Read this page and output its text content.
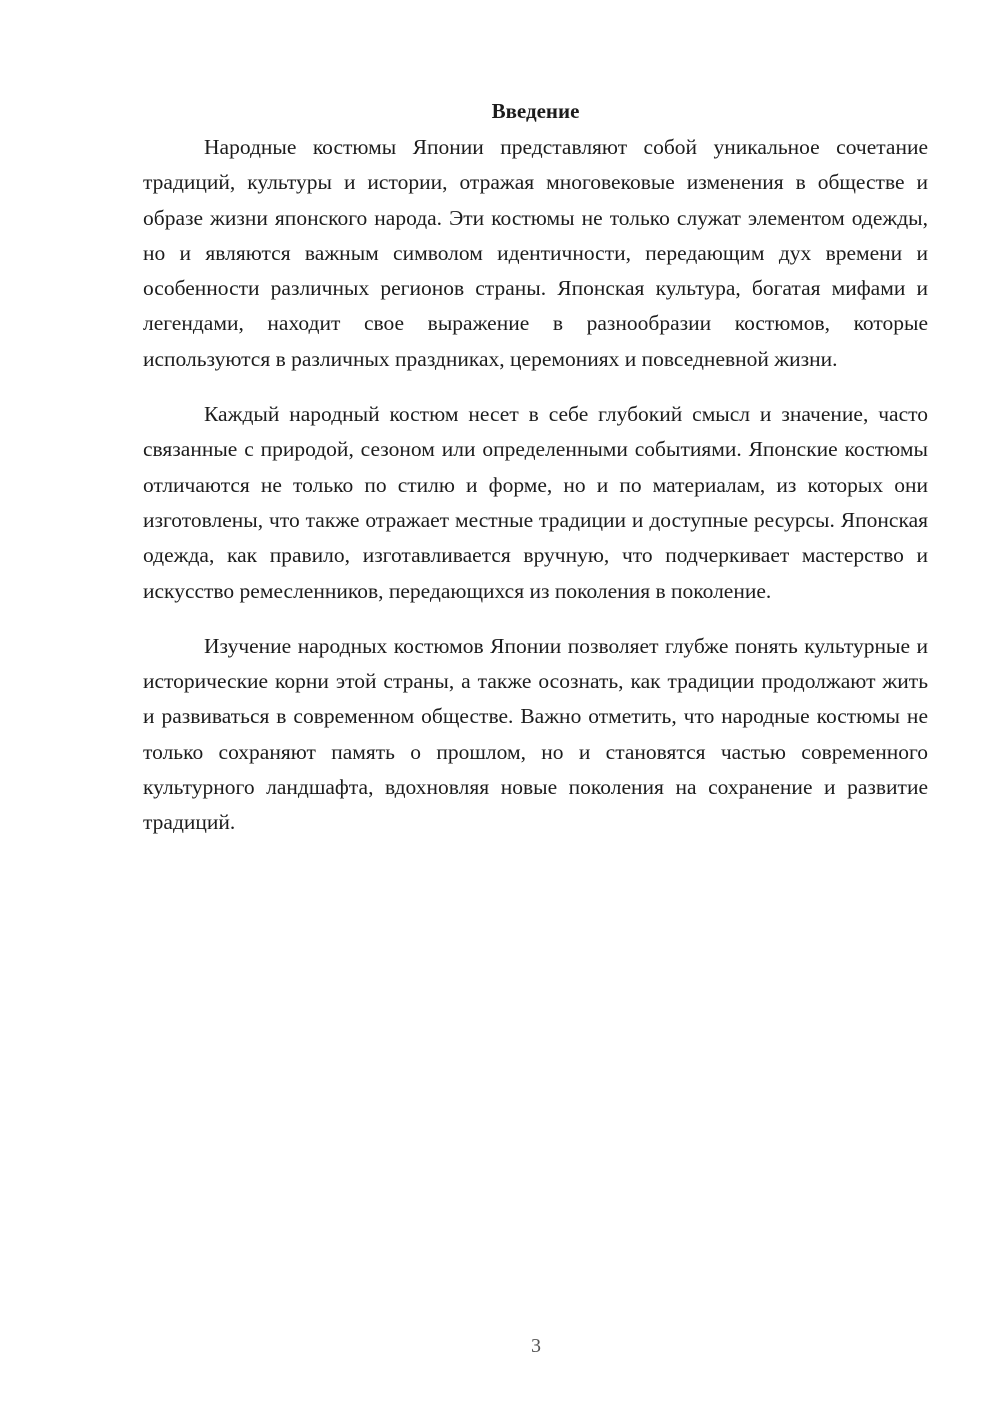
Введение

Народные костюмы Японии представляют собой уникальное сочетание традиций, культуры и истории, отражая многовековые изменения в обществе и образе жизни японского народа. Эти костюмы не только служат элементом одежды, но и являются важным символом идентичности, передающим дух времени и особенности различных регионов страны. Японская культура, богатая мифами и легендами, находит свое выражение в разнообразии костюмов, которые используются в различных праздниках, церемониях и повседневной жизни.

Каждый народный костюм несет в себе глубокий смысл и значение, часто связанные с природой, сезоном или определенными событиями. Японские костюмы отличаются не только по стилю и форме, но и по материалам, из которых они изготовлены, что также отражает местные традиции и доступные ресурсы. Японская одежда, как правило, изготавливается вручную, что подчеркивает мастерство и искусство ремесленников, передающихся из поколения в поколение.

Изучение народных костюмов Японии позволяет глубже понять культурные и исторические корни этой страны, а также осознать, как традиции продолжают жить и развиваться в современном обществе. Важно отметить, что народные костюмы не только сохраняют память о прошлом, но и становятся частью современного культурного ландшафта, вдохновляя новые поколения на сохранение и развитие традиций.

3
